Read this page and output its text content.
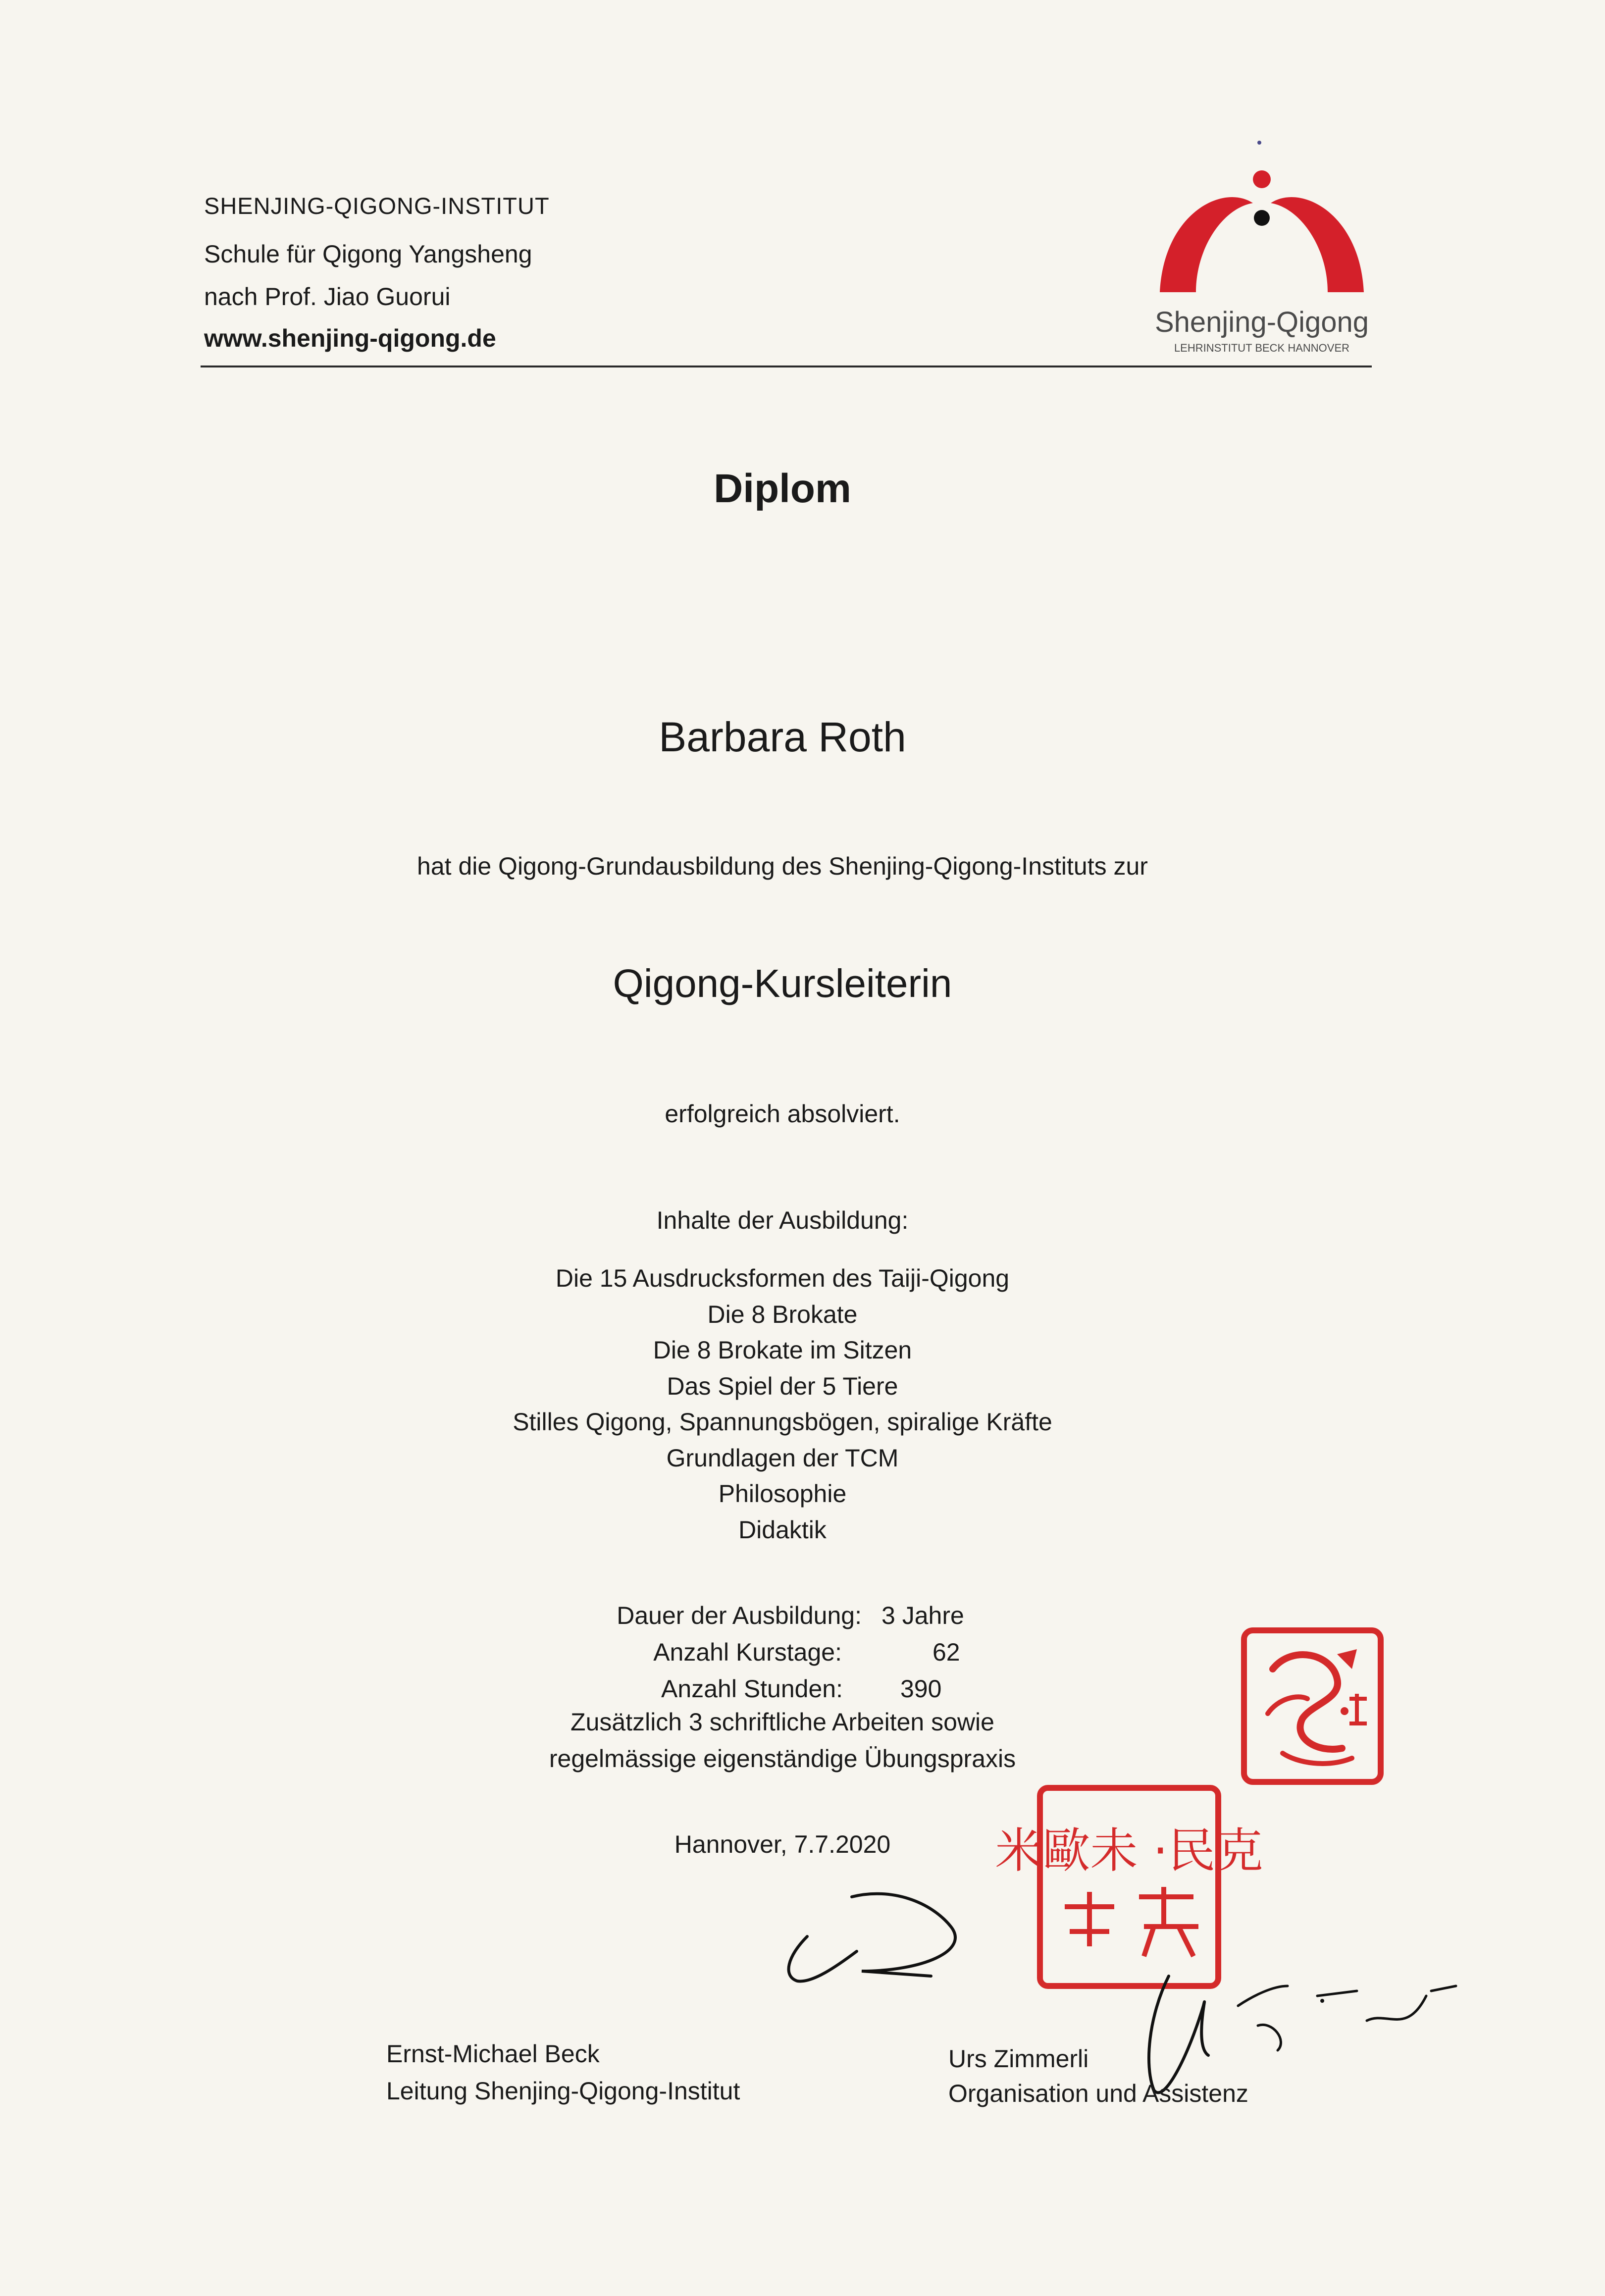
SHENJING-QIGONG-INSTITUT
Schule für Qigong Yangsheng
nach Prof. Jiao Guorui
www.shenjing-qigong.de	Shenjing-Qigong
LEHRINSTITUT BECK HANNOVER
Diplom
Barbara Roth
hat die Qigong-Grundausbildung des Shenjing-Qigong-Instituts zur
Qigong-Kursleiterin
erfolgreich absolviert.
Inhalte der Ausbildung:
Die 15 Ausdrucksformen des Taiji-Qigong
Die 8 Brokate
Die 8 Brokate im Sitzen
Das Spiel der 5 Tiere
Stilles Qigong, Spannungsbögen, spiralige Kräfte
Grundlagen der TCM
Philosophie
Didaktik
Dauer der Ausbildung: 3 Jahre
Anzahl Kurstage:	62
Anzahl Stunden: 390
Zusätzlich 3 schriftliche Arbeiten sowie
regelmässige eigenständige Übungspraxis
Hannover, 7.7.2020	米歐未 ·民克
Ernst-Michael Beck
Leitung Shenjing-Qigong-Institut
Urs Zimmerli
Organisation und Assistenz
